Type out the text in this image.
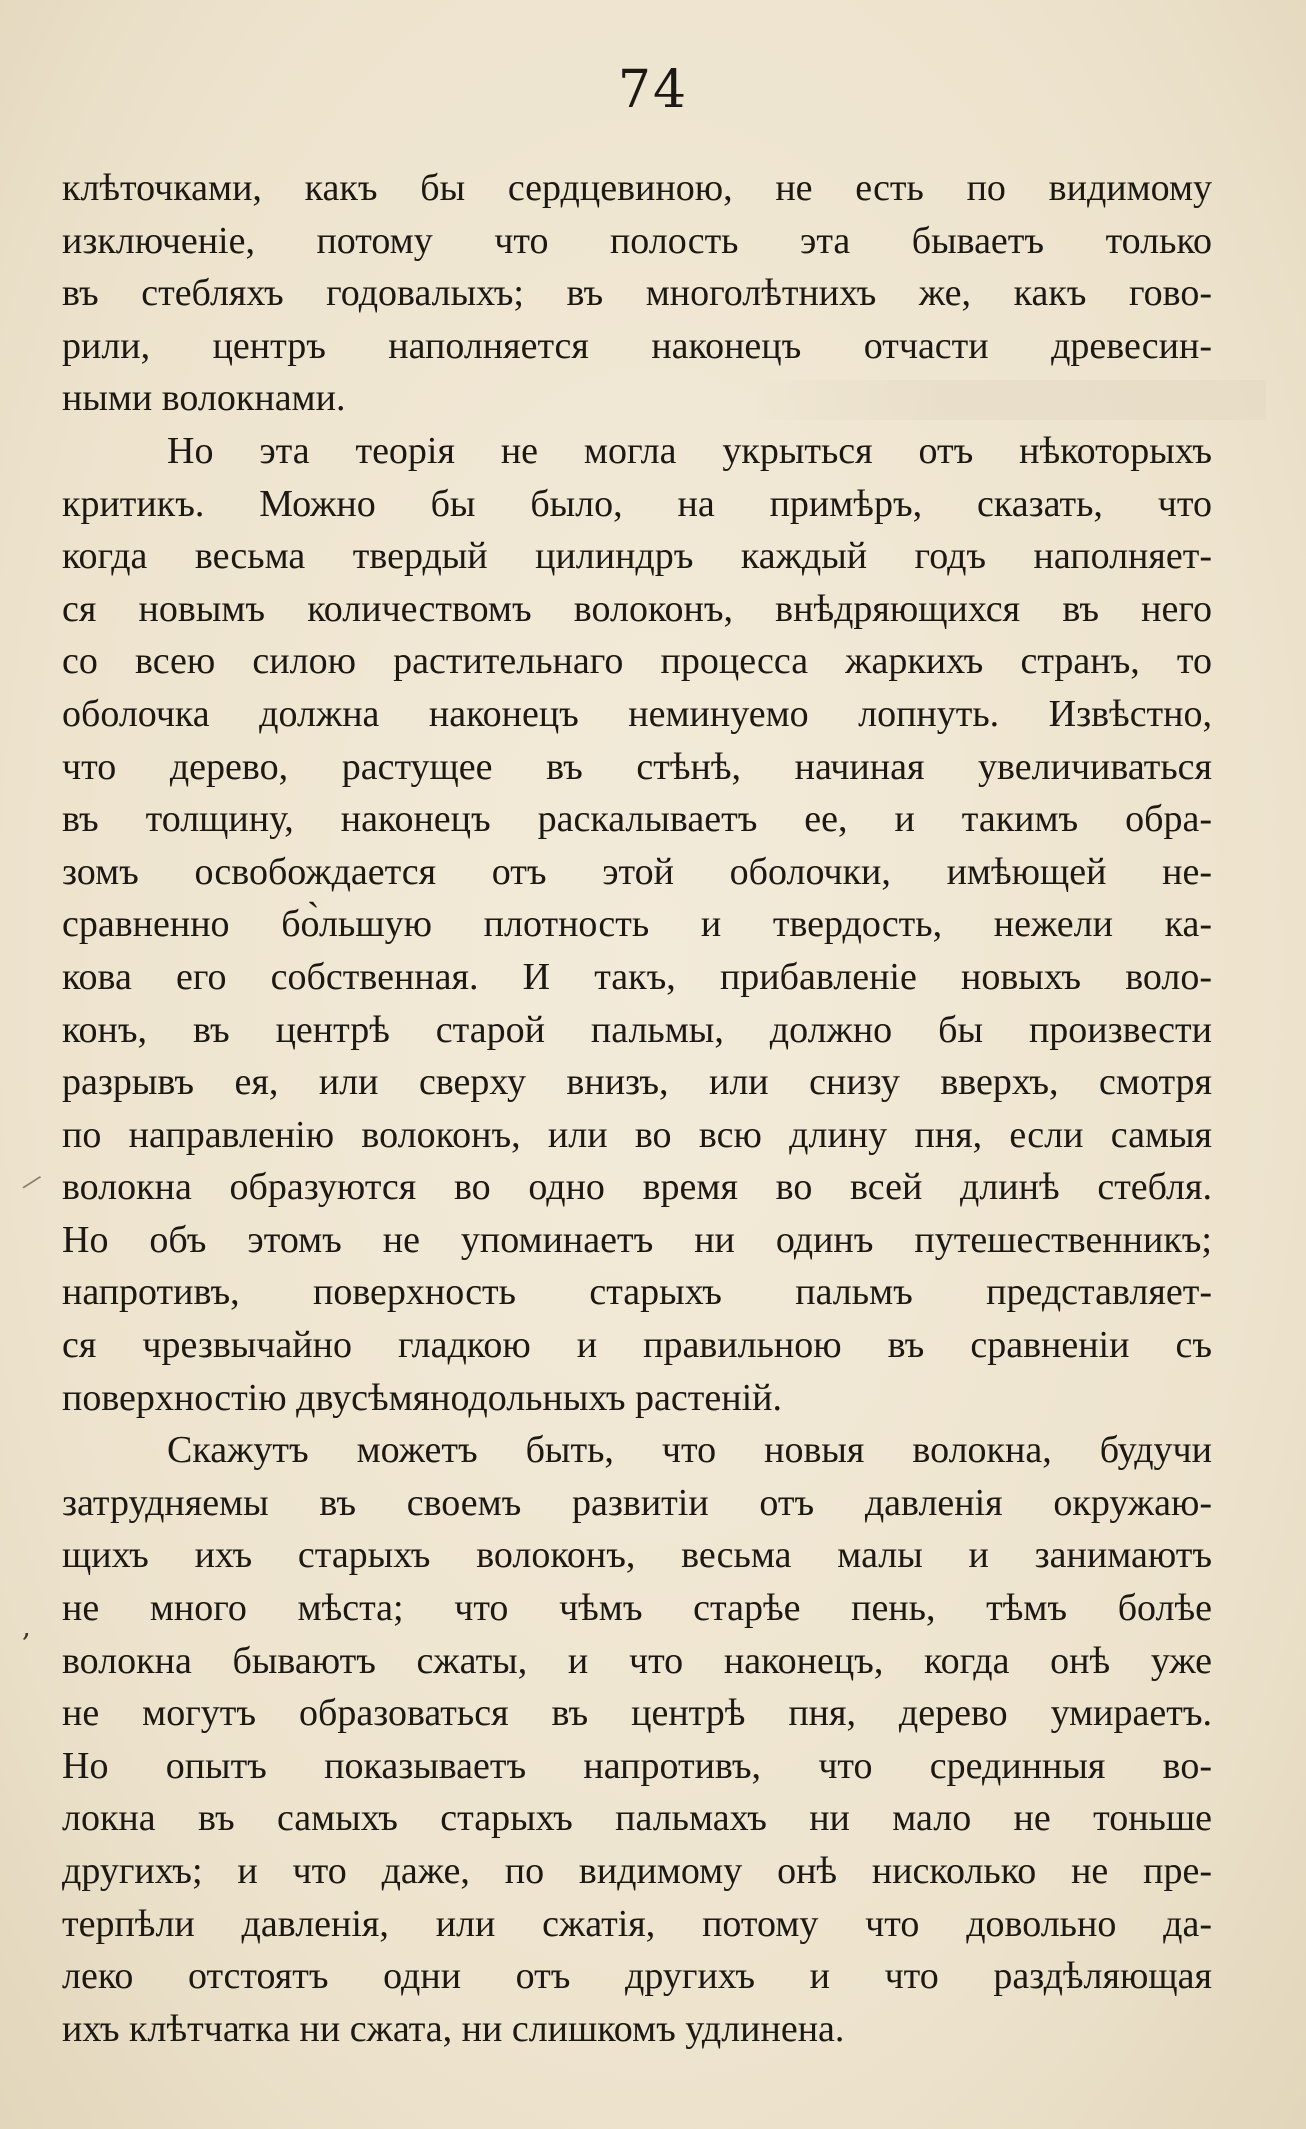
74
/
,
клѣточками, какъ бы сердцевиною, не есть по видимому
изключенiе, потому что полость эта бываетъ только
въ стебляхъ годовалыхъ; въ многолѣтнихъ же, какъ гово-
рили, центръ наполняется наконецъ отчасти древесин-
ными волокнами.
Но эта теорiя не могла укрыться отъ нѣкоторыхъ
критикъ. Можно бы было, на примѣръ, сказать, что
когда весьма твердый цилиндръ каждый годъ наполняет-
ся новымъ количествомъ волоконъ, внѣдряющихся въ него
со всею силою растительнаго процесса жаркихъ странъ, то
оболочка должна наконецъ неминуемо лопнуть. Извѣстно,
что дерево, растущее въ стѣнѣ, начиная увеличиваться
въ толщину, наконецъ раскалываетъ ее, и такимъ обра-
зомъ освобождается отъ этой оболочки, имѣющей не-
сравненно бо̀льшую плотность и твердость, нежели ка-
кова его собственная. И такъ, прибавленiе новыхъ воло-
конъ, въ центрѣ старой пальмы, должно бы произвести
разрывъ ея, или сверху внизъ, или снизу вверхъ, смотря
по направленiю волоконъ, или во всю длину пня, если самыя
волокна образуются во одно время во всей длинѣ стебля.
Но объ этомъ не упоминаетъ ни одинъ путешественникъ;
напротивъ, поверхность старыхъ пальмъ представляет-
ся чрезвычайно гладкою и правильною въ сравненiи съ
поверхностiю двусѣмянодольныхъ растенiй.
Скажутъ можетъ быть, что новыя волокна, будучи
затрудняемы въ своемъ развитiи отъ давленiя окружаю-
щихъ ихъ старыхъ волоконъ, весьма малы и занимаютъ
не много мѣста; что чѣмъ старѣе пень, тѣмъ болѣе
волокна бываютъ сжаты, и что наконецъ, когда онѣ уже
не могутъ образоваться въ центрѣ пня, дерево умираетъ.
Но опытъ показываетъ напротивъ, что срединныя во-
локна въ самыхъ старыхъ пальмахъ ни мало не тоньше
другихъ; и что даже, по видимому онѣ нисколько не пре-
терпѣли давленiя, или сжатiя, потому что довольно да-
леко отстоятъ одни отъ другихъ и что раздѣляющая
ихъ клѣтчатка ни сжата, ни слишкомъ удлинена.
